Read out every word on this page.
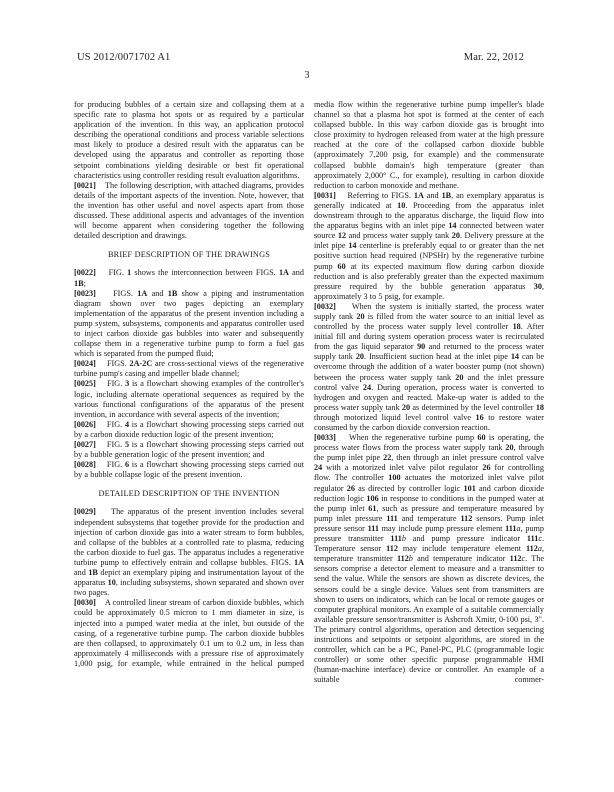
US 2012/0071702 A1	Mar. 22, 2012
3
for producing bubbles of a certain size and collapsing them at a specific rate to plasma hot spots or as required by a particular application of the invention. In this way, an application protocol describing the operational conditions and process variable selections most likely to produce a desired result with the apparatus can be developed using the apparatus and controller as reporting those setpoint combinations yielding desirable or best fit operational characteristics using controller residing result evaluation algorithms.
[0021]    The following description, with attached diagrams, provides details of the important aspects of the invention. Note, however, that the invention has other useful and novel aspects apart from those discussed. These additional aspects and advantages of the invention will become apparent when considering together the following detailed description and drawings.
BRIEF DESCRIPTION OF THE DRAWINGS
[0022]    FIG. 1 shows the interconnection between FIGS. 1A and 1B;
[0023]    FIGS. 1A and 1B show a piping and instrumentation diagram shown over two pages depicting an exemplary implementation of the apparatus of the present invention including a pump system, subsystems, components and apparatus controller used to inject carbon dioxide gas bubbles into water and subsequently collapse them in a regenerative turbine pump to form a fuel gas which is separated from the pumped fluid;
[0024]    FIGS. 2A-2C are cross-sectional views of the regenerative turbine pump's casing and impeller blade channel;
[0025]    FIG. 3 is a flowchart showing examples of the controller's logic, including alternate operational sequences as required by the various functional configurations of the apparatus of the present invention, in accordance with several aspects of the invention;
[0026]    FIG. 4 is a flowchart showing processing steps carried out by a carbon dioxide reduction logic of the present invention;
[0027]    FIG. 5 is a flowchart showing processing steps carried out by a bubble generation logic of the present invention; and
[0028]    FIG. 6 is a flowchart showing processing steps carried out by a bubble collapse logic of the present invention.
DETAILED DESCRIPTION OF THE INVENTION
[0029]    The apparatus of the present invention includes several independent subsystems that together provide for the production and injection of carbon dioxide gas into a water stream to form bubbles, and collapse of the bubbles at a controlled rate to plasma, reducing the carbon dioxide to fuel gas. The apparatus includes a regenerative turbine pump to effectively entrain and collapse bubbles. FIGS. 1A and 1B depict an exemplary piping and instrumentation layout of the apparatus 10, including subsystems, shown separated and shown over two pages.
[0030]    A controlled linear stream of carbon dioxide bubbles, which could be approximately 0.5 micron to 1 mm diameter in size, is injected into a pumped water media at the inlet, but outside of the casing, of a regenerative turbine pump. The carbon dioxide bubbles are then collapsed, to approximately 0.1 um to 0.2 um, in less than approximately 4 milliseconds with a pressure rise of approximately 1,000 psig, for example, while entrained in the helical pumped
media flow within the regenerative turbine pump impeller's blade channel so that a plasma hot spot is formed at the center of each collapsed bubble. In this way carbon dioxide gas is brought into close proximity to hydrogen released from water at the high pressure reached at the core of the collapsed carbon dioxide bubble (approximately 7,200 psig, for example) and the commensurate collapsed bubble domain's high temperature (greater than approximately 2,000° C., for example), resulting in carbon dioxide reduction to carbon monoxide and methane.
[0031]    Referring to FIGS. 1A and 1B, an exemplary apparatus is generally indicated at 10. Proceeding from the apparatus inlet downstream through to the apparatus discharge, the liquid flow into the apparatus begins with an inlet pipe 14 connected between water source 12 and process water supply tank 20. Delivery pressure at the inlet pipe 14 centerline is preferably equal to or greater than the net positive suction head required (NPSHr) by the regenerative turbine pump 60 at its expected maximum flow during carbon dioxide reduction and is also preferably greater than the expected maximum pressure required by the bubble generation apparatus 30, approximately 3 to 5 psig, for example.
[0032]    When the system is initially started, the process water supply tank 20 is filled from the water source to an initial level as controlled by the process water supply level controller 18. After initial fill and during system operation process water is recirculated from the gas liquid separator 90 and returned to the process water supply tank 20. Insufficient suction head at the inlet pipe 14 can be overcome through the addition of a water booster pump (not shown) between the process water supply tank 20 and the inlet pressure control valve 24. During operation, process water is converted to hydrogen and oxygen and reacted. Make-up water is added to the process water supply tank 20 as determined by the level controller 18 through motorized liquid level control valve 16 to restore water consumed by the carbon dioxide conversion reaction.
[0033]    When the regenerative turbine pump 60 is operating, the process water flows from the process water supply tank 20, through the pump inlet pipe 22, then through an inlet pressure control valve 24 with a motorized inlet valve pilot regulator 26 for controlling flow. The controller 100 actuates the motorized inlet valve pilot regulator 26 as directed by controller logic 101 and carbon dioxide reduction logic 106 in response to conditions in the pumped water at the pump inlet 61, such as pressure and temperature measured by pump inlet pressure 111 and temperature 112 sensors. Pump inlet pressure sensor 111 may include pump pressure element 111a, pump pressure transmitter 111b and pump pressure indicator 111c. Temperature sensor 112 may include temperature element 112a, temperature transmitter 112b and temperature indicator 112c. The sensors comprise a detector element to measure and a transmitter to send the value. While the sensors are shown as discrete devices, the sensors could be a single device. Values sent from transmitters are shown to users on indicators, which can be local or remote gauges or computer graphical monitors. An example of a suitable commercially available pressure sensor/transmitter is Ashcroft Xmitr, 0-100 psi, 3". The primary control algorithms, operation and detection sequencing instructions and setpoints or setpoint algorithms, are stored in the controller, which can be a PC, Panel-PC, PLC (programmable logic controller) or some other specific purpose programmable HMI (human-machine interface) device or controller. An example of a suitable commer-
